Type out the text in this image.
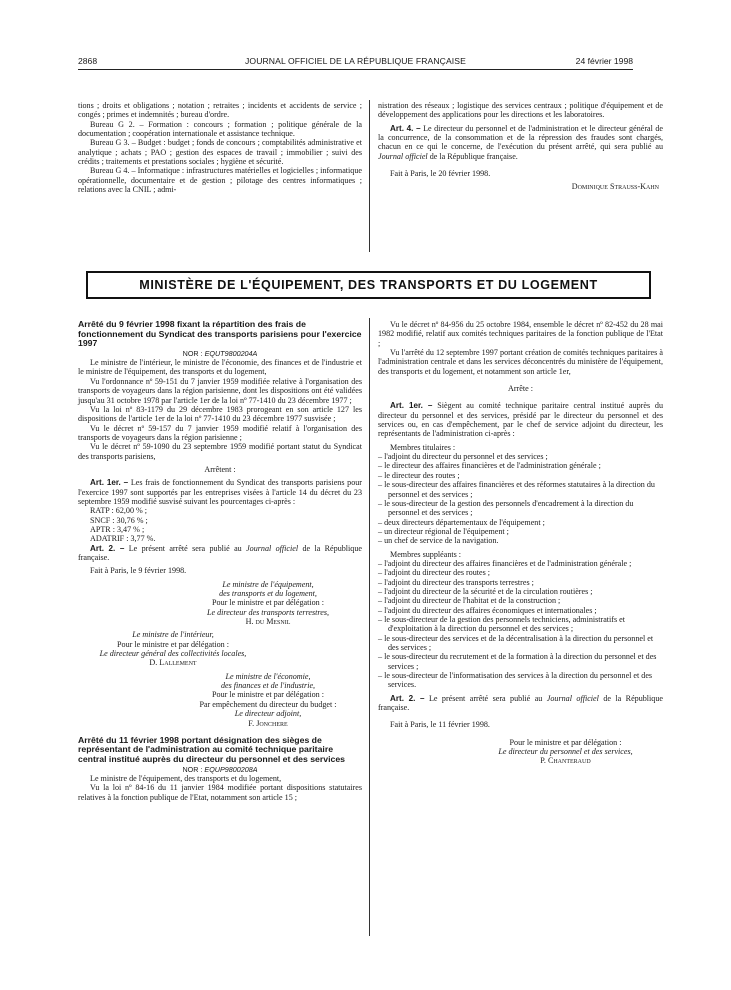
2868	JOURNAL OFFICIEL DE LA RÉPUBLIQUE FRANÇAISE	24 février 1998

tions ; droits et obligations ; notation ; retraites ; incidents et accidents de service ; congés ; primes et indemnités ; bureau d'ordre.

Bureau G 2. – Formation : concours ; formation ; politique générale de la documentation ; coopération internationale et assistance technique.

Bureau G 3. – Budget : budget ; fonds de concours ; comptabilités administrative et analytique ; achats ; PAO ; gestion des espaces de travail ; immobilier ; suivi des crédits ; traitements et prestations sociales ; hygiène et sécurité.

Bureau G 4. – Informatique : infrastructures matérielles et logicielles ; informatique opérationnelle, documentaire et de gestion ; pilotage des centres informatiques ; relations avec la CNIL ; admi-

nistration des réseaux ; logistique des services centraux ; politique d'équipement et de développement des applications pour les directions et les laboratoires.

Art. 4. – Le directeur du personnel et de l'administration et le directeur général de la concurrence, de la consommation et de la répression des fraudes sont chargés, chacun en ce qui le concerne, de l'exécution du présent arrêté, qui sera publié au Journal officiel de la République française.

Fait à Paris, le 20 février 1998.

Dominique Strauss-Kahn

MINISTÈRE DE L'ÉQUIPEMENT, DES TRANSPORTS ET DU LOGEMENT

Arrêté du 9 février 1998 fixant la répartition des frais de fonctionnement du Syndicat des transports parisiens pour l'exercice 1997

NOR : EQUT9800204A

Le ministre de l'intérieur, le ministre de l'économie, des finances et de l'industrie et le ministre de l'équipement, des transports et du logement,

Vu l'ordonnance nº 59-151 du 7 janvier 1959 modifiée relative à l'organisation des transports de voyageurs dans la région parisienne, dont les dispositions ont été validées jusqu'au 31 octobre 1978 par l'article 1er de la loi nº 77-1410 du 23 décembre 1977 ;

Vu la loi nº 83-1179 du 29 décembre 1983 prorogeant en son article 127 les dispositions de l'article 1er de la loi nº 77-1410 du 23 décembre 1977 susvisée ;

Vu le décret nº 59-157 du 7 janvier 1959 modifié relatif à l'organisation des transports de voyageurs dans la région parisienne ;

Vu le décret nº 59-1090 du 23 septembre 1959 modifié portant statut du Syndicat des transports parisiens,

Arrêtent :

Art. 1er. – Les frais de fonctionnement du Syndicat des transports parisiens pour l'exercice 1997 sont supportés par les entreprises visées à l'article 14 du décret du 23 septembre 1959 modifié susvisé suivant les pourcentages ci-après :

RATP : 62,00 % ;

SNCF : 30,76 % ;

APTR : 3,47 % ;

ADATRIF : 3,77 %.

Art. 2. – Le présent arrêté sera publié au Journal officiel de la République française.

Fait à Paris, le 9 février 1998.

Le ministre de l'équipement,

des transports et du logement,

Pour le ministre et par délégation :

Le directeur des transports terrestres,

H. du Mesnil

Le ministre de l'intérieur,

Pour le ministre et par délégation :

Le directeur général des collectivités locales,

D. Lallement

Le ministre de l'économie,

des finances et de l'industrie,

Pour le ministre et par délégation :

Par empêchement du directeur du budget :

Le directeur adjoint,

F. Jonchere

Arrêté du 11 février 1998 portant désignation des sièges de représentant de l'administration au comité technique paritaire central institué auprès du directeur du personnel et des services

NOR : EQUP9800208A

Le ministre de l'équipement, des transports et du logement,

Vu la loi nº 84-16 du 11 janvier 1984 modifiée portant dispositions statutaires relatives à la fonction publique de l'Etat, notamment son article 15 ;

Vu le décret nº 84-956 du 25 octobre 1984, ensemble le décret nº 82-452 du 28 mai 1982 modifié, relatif aux comités techniques paritaires de la fonction publique de l'Etat ;

Vu l'arrêté du 12 septembre 1997 portant création de comités techniques paritaires à l'administration centrale et dans les services déconcentrés du ministère de l'équipement, des transports et du logement, et notamment son article 1er,

Arrête :

Art. 1er. – Siègent au comité technique paritaire central institué auprès du directeur du personnel et des services, présidé par le directeur du personnel et des services ou, en cas d'empêchement, par le chef de service adjoint du directeur, les représentants de l'administration ci-après :

Membres titulaires :

– l'adjoint du directeur du personnel et des services ;

– le directeur des affaires financières et de l'administration générale ;

– le directeur des routes ;

– le sous-directeur des affaires financières et des réformes statutaires à la direction du personnel et des services ;

– le sous-directeur de la gestion des personnels d'encadrement à la direction du personnel et des services ;

– deux directeurs départementaux de l'équipement ;

– un directeur régional de l'équipement ;

– un chef de service de la navigation.

Membres suppléants :

– l'adjoint du directeur des affaires financières et de l'administration générale ;

– l'adjoint du directeur des routes ;

– l'adjoint du directeur des transports terrestres ;

– l'adjoint du directeur de la sécurité et de la circulation routières ;

– l'adjoint du directeur de l'habitat et de la construction ;

– l'adjoint du directeur des affaires économiques et internationales ;

– le sous-directeur de la gestion des personnels techniciens, administratifs et d'exploitation à la direction du personnel et des services ;

– le sous-directeur des services et de la décentralisation à la direction du personnel et des services ;

– le sous-directeur du recrutement et de la formation à la direction du personnel et des services ;

– le sous-directeur de l'informatisation des services à la direction du personnel et des services.

Art. 2. – Le présent arrêté sera publié au Journal officiel de la République française.

Fait à Paris, le 11 février 1998.

Pour le ministre et par délégation :

Le directeur du personnel et des services,

P. Chanteraud
